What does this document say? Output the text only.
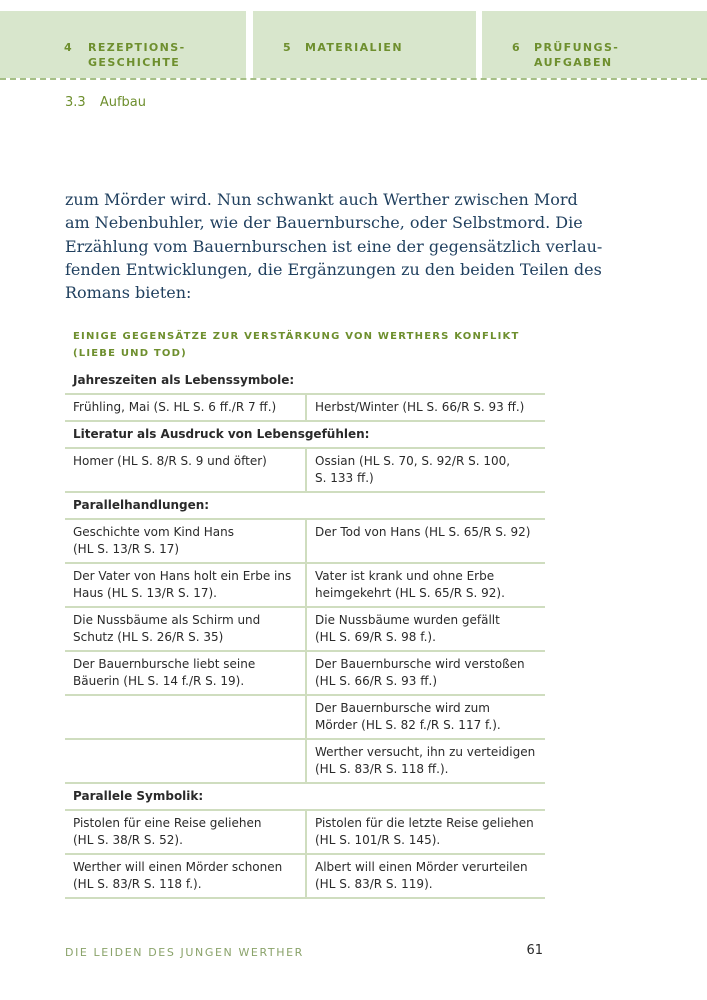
4 REZEPTIONS-
GESCHICHTE
5 MATERIALIEN	6 PRÜFUNGS-
AUFGABEN
3.3 Aufbau
zum Mörder wird. Nun schwankt auch Werther zwischen Mord
am Nebenbuhler, wie der Bauernbursche, oder Selbstmord. Die
Erzählung vom Bauernburschen ist eine der gegensätzlich verlau-
fenden Entwicklungen, die Ergänzungen zu den beiden Teilen des
Romans bieten:
EINIGE GEGENSÄTZE ZUR VERSTÄRKUNG VON WERTHERS KONFLIKT
(LIEBE UND TOD)
Jahreszeiten als Lebenssymbole:	
Frühling, Mai (S. HL S. 6 ff./R 7 ff.)	Herbst/Winter (HL S. 66/R S. 93 ff.)
Literatur als Ausdruck von Lebensgefühlen:	
Homer (HL S. 8/R S. 9 und öfter)	Ossian (HL S. 70, S. 92/R S. 100,
S. 133 ff.)
Parallelhandlungen:	
Geschichte vom Kind Hans
(HL S. 13/R S. 17)	Der Tod von Hans (HL S. 65/R S. 92)
Der Vater von Hans holt ein Erbe ins
Haus (HL S. 13/R S. 17).	Vater ist krank und ohne Erbe
heimgekehrt (HL S. 65/R S. 92).
Die Nussbäume als Schirm und
Schutz (HL S. 26/R S. 35)	Die Nussbäume wurden gefällt
(HL S. 69/R S. 98 f.).
Der Bauernbursche liebt seine
Bäuerin (HL S. 14 f./R S. 19).	Der Bauernbursche wird verstoßen
(HL S. 66/R S. 93 ff.)
	Der Bauernbursche wird zum
Mörder (HL S. 82 f./R S. 117 f.).
	Werther versucht, ihn zu verteidigen
(HL S. 83/R S. 118 ff.).
Parallele Symbolik:	
Pistolen für eine Reise geliehen
(HL S. 38/R S. 52).	Pistolen für die letzte Reise geliehen
(HL S. 101/R S. 145).
Werther will einen Mörder schonen
(HL S. 83/R S. 118 f.).	Albert will einen Mörder verurteilen
(HL S. 83/R S. 119).
DIE LEIDEN DES JUNGEN WERTHER	61
